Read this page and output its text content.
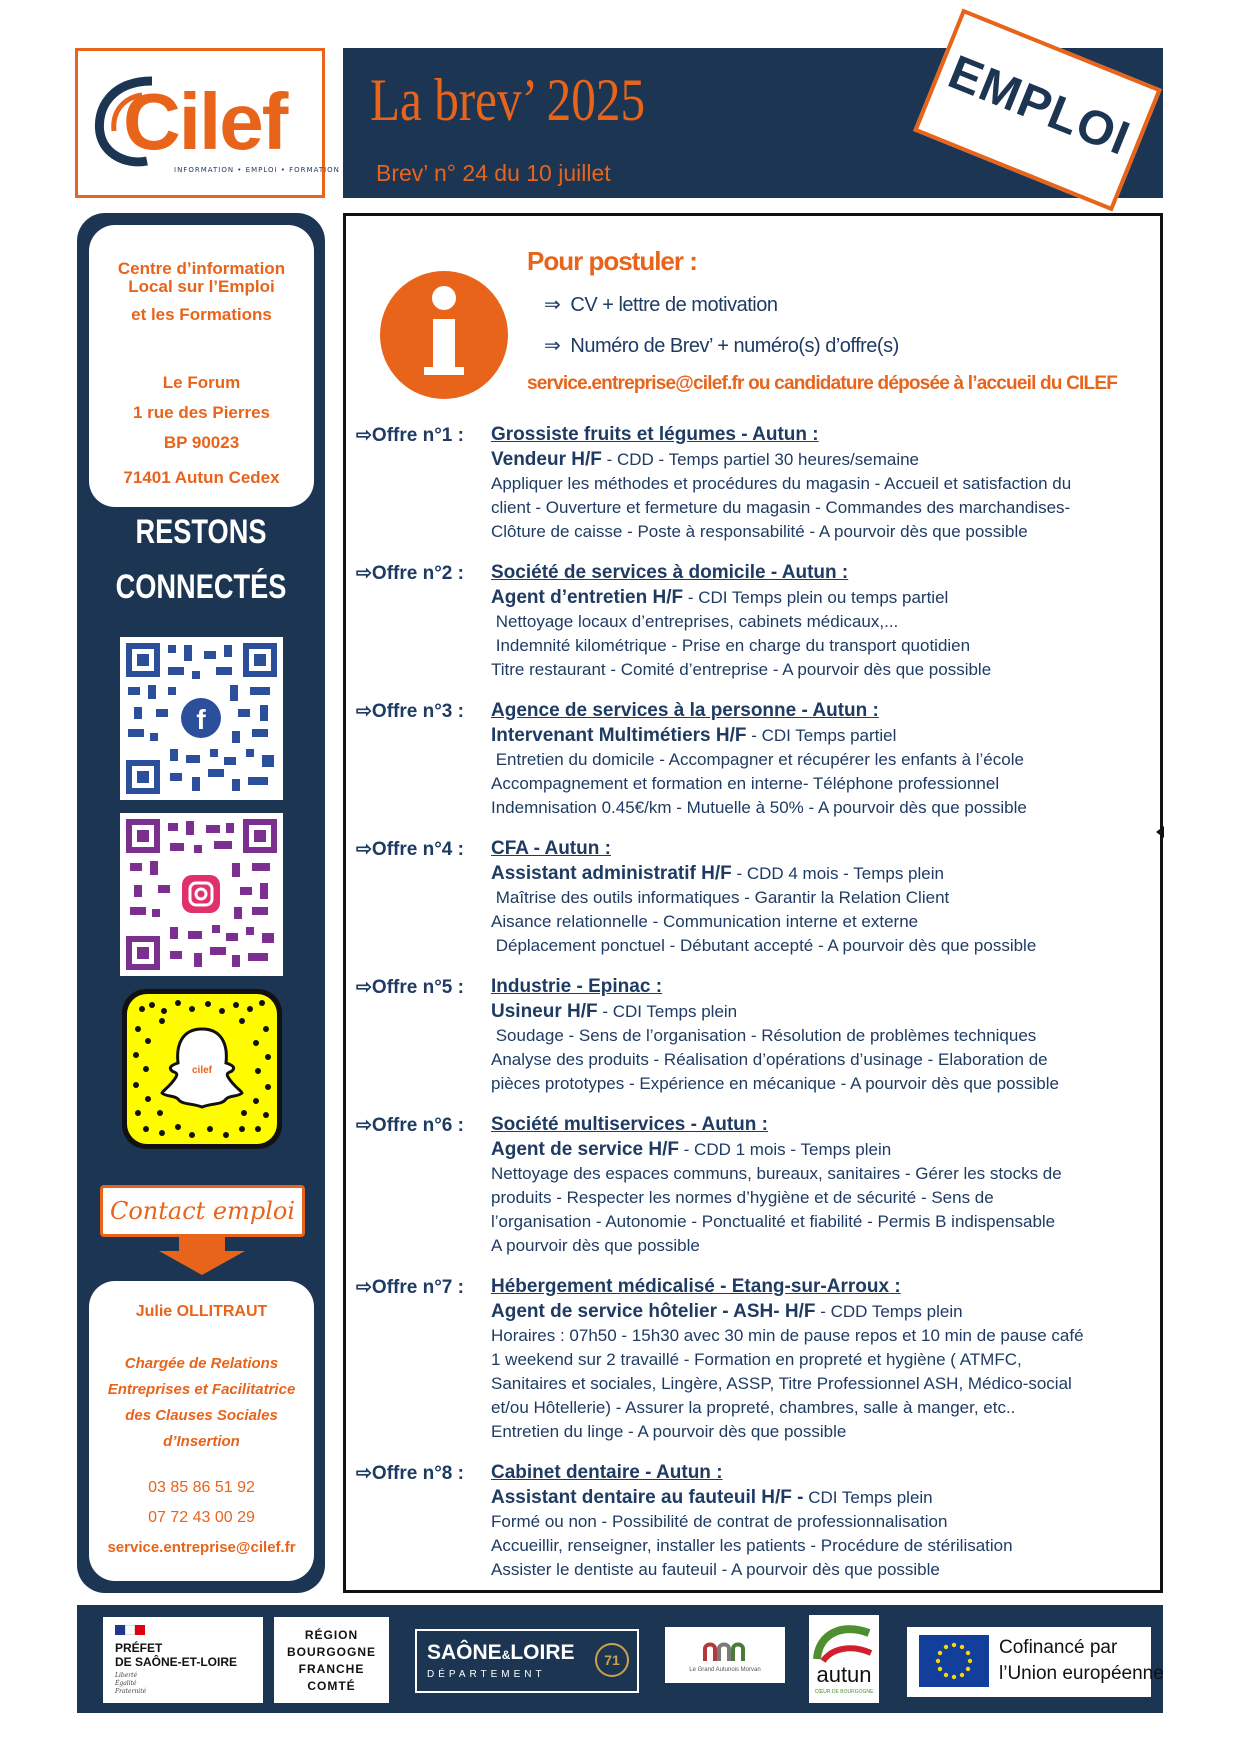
Cilef
INFORMATION • EMPLOI • FORMATION
La brev’ 2025
Brev’ n° 24 du 10 juillet
EMPLOI
Centre d’information
Local sur l’Emploi
et les Formations
Le Forum
1 rue des Pierres
BP 90023
71401 Autun Cedex
RESTONS
CONNECTÉS
f
cilef
Contact emploi
Julie OLLITRAUT
Chargée de Relations
Entreprises et Facilitatrice
des Clauses Sociales
d’Insertion
03 85 86 51 92
07 72 43 00 29
service.entreprise@cilef.fr
Pour postuler :
⇒ CV + lettre de motivation
⇒ Numéro de Brev’ + numéro(s) d’offre(s)
service.entreprise@cilef.fr ou candidature déposée à l’accueil du CILEF
⇨Offre n°1 : Grossiste fruits et légumes - Autun :
Vendeur H/F - CDD - Temps partiel 30 heures/semaine
Appliquer les méthodes et procédures du magasin - Accueil et satisfaction du
client - Ouverture et fermeture du magasin - Commandes des marchandises-
Clôture de caisse - Poste à responsabilité - A pourvoir dès que possible
⇨Offre n°2 : Société de services à domicile - Autun :
Agent d’entretien H/F - CDI Temps plein ou temps partiel
Nettoyage locaux d’entreprises, cabinets médicaux,...
Indemnité kilométrique - Prise en charge du transport quotidien
Titre restaurant - Comité d’entreprise - A pourvoir dès que possible
⇨Offre n°3 : Agence de services à la personne - Autun :
Intervenant Multimétiers H/F - CDI Temps partiel
Entretien du domicile - Accompagner et récupérer les enfants à l’école
Accompagnement et formation en interne- Téléphone professionnel
Indemnisation 0.45€/km - Mutuelle à 50% - A pourvoir dès que possible
⇨Offre n°4 : CFA - Autun :
Assistant administratif H/F - CDD 4 mois - Temps plein
Maîtrise des outils informatiques - Garantir la Relation Client
Aisance relationnelle - Communication interne et externe
Déplacement ponctuel - Débutant accepté - A pourvoir dès que possible
⇨Offre n°5 : Industrie - Epinac :
Usineur H/F - CDI Temps plein
Soudage - Sens de l’organisation - Résolution de problèmes techniques
Analyse des produits - Réalisation d’opérations d’usinage - Elaboration de
pièces prototypes - Expérience en mécanique - A pourvoir dès que possible
⇨Offre n°6 : Société multiservices - Autun :
Agent de service H/F - CDD 1 mois - Temps plein
Nettoyage des espaces communs, bureaux, sanitaires - Gérer les stocks de
produits - Respecter les normes d’hygiène et de sécurité - Sens de
l’organisation - Autonomie - Ponctualité et fiabilité - Permis B indispensable
A pourvoir dès que possible
⇨Offre n°7 : Hébergement médicalisé - Etang-sur-Arroux :
Agent de service hôtelier - ASH- H/F - CDD Temps plein
Horaires : 07h50 - 15h30 avec 30 min de pause repos et 10 min de pause café
1 weekend sur 2 travaillé - Formation en propreté et hygiène ( ATMFC,
Sanitaires et sociales, Lingère, ASSP, Titre Professionnel ASH, Médico-social
et/ou Hôtellerie) - Assurer la propreté, chambres, salle à manger, etc..
Entretien du linge - A pourvoir dès que possible
⇨Offre n°8 : Cabinet dentaire - Autun :
Assistant dentaire au fauteuil H/F - CDI Temps plein
Formé ou non - Possibilité de contrat de professionnalisation
Accueillir, renseigner, installer les patients - Procédure de stérilisation
Assister le dentiste au fauteuil - A pourvoir dès que possible
PRÉFET
DE SAÔNE-ET-LOIRE
Liberté
Égalité
Fraternité
RÉGION
BOURGOGNE
FRANCHE
COMTÉ
SAÔNE&LOIRE
DÉPARTEMENT
71
Le Grand Autunois Morvan	autun
CŒUR DE BOURGOGNE
Cofinancé par
l’Union européenne
